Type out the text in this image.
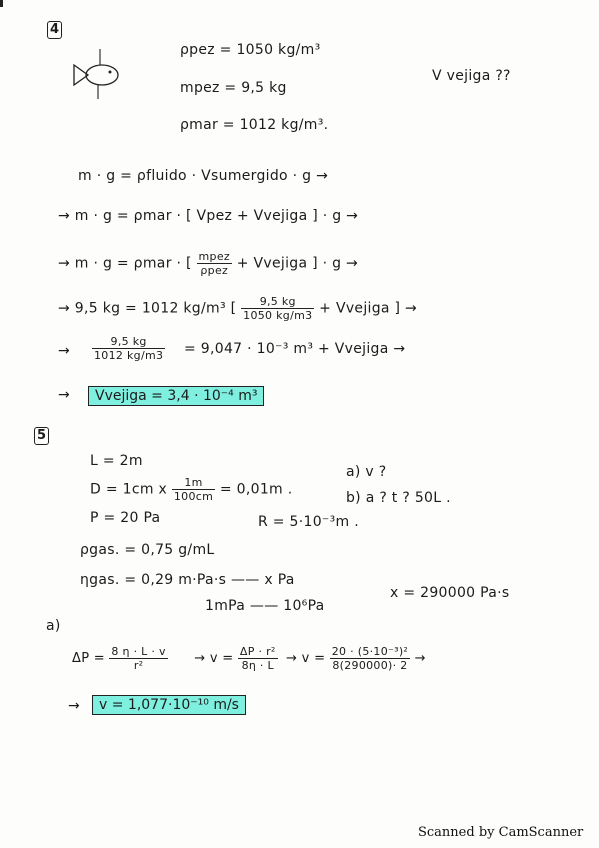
4
ρpez = 1050 kg/m³
mpez = 9,5 kg
ρmar = 1012 kg/m³.
V vejiga ??
m · g = ρfluido · Vsumergido · g →
→ m · g = ρmar · [ Vpez + Vvejiga ] · g →
→ m · g = ρmar · [ $\frac{\text{mpez}}{\text{ρpez}}$ + Vvejiga ] · g →
→ 9,5 kg = 1012 kg/m³ [ $\frac{9,5 kg}{1050 kg/m3}$ + Vvejiga ] →
→ $\frac{9,5 kg}{1012 kg/m3} = 9,047 \cdot 10^{-3}$ m³ + Vvejiga →
→	Vvejiga = 3,4 · 10⁻⁴ m³
5
L = 2m
D = 1cm x $\frac{1m}{100cm} = 0,01m$ .
a) v ?
b) a ? t ? 50L .
P = 20 Pa	R = 5·10⁻³m .
ρgas. = 0,75 g/mL
ηgas. = 0,29 m·Pa·s —— x Pa
1mPa —— 10⁶Pa
x = 290000 Pa·s
a)
$\Delta P = \frac{8 \eta \cdot L \cdot v}{\text{r²}} \to v = \frac{\text{ΔP · r²}}{8\eta \cdot L} \to v = \frac{\text{20 · (5·10⁻³)²}}{8(290000)\cdot 2}$ →
→	v = 1,077·10⁻¹⁰ m/s
Scanned by CamScanner
